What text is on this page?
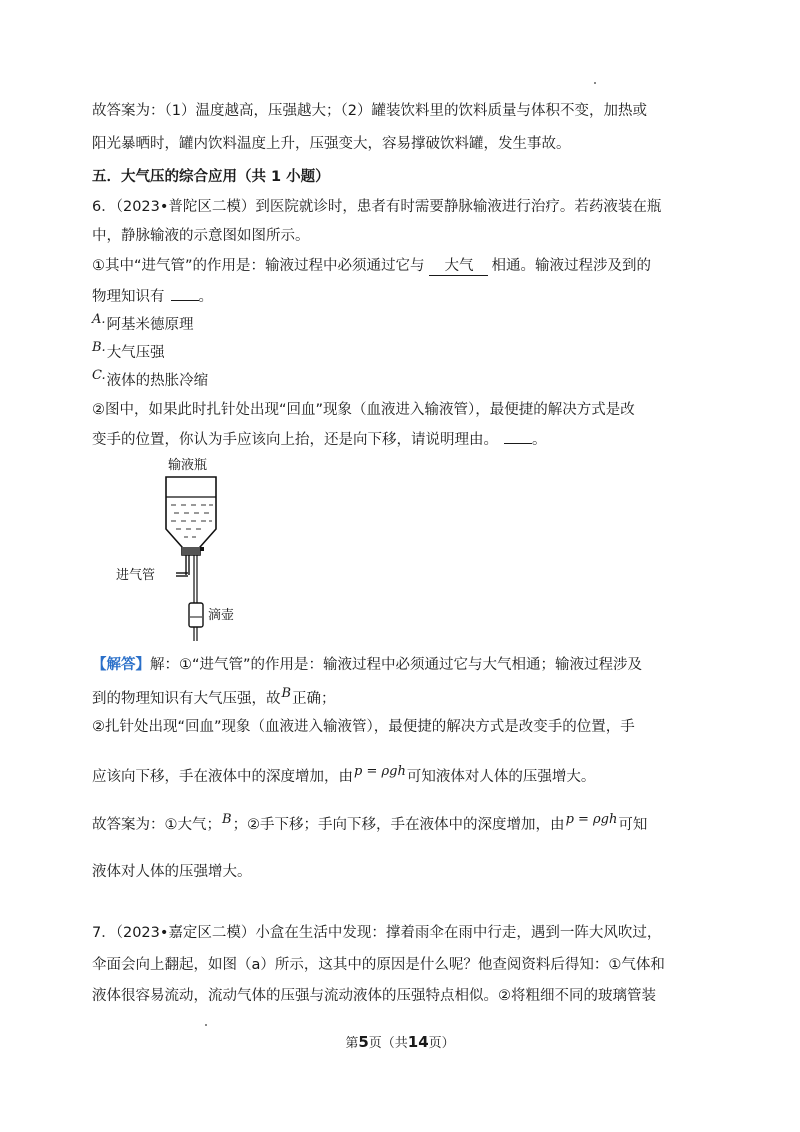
故答案为：（1）温度越高，压强越大；（2）罐装饮料里的饮料质量与体积不变，加热或
阳光暴晒时，罐内饮料温度上升，压强变大，容易撑破饮料罐，发生事故。
五．大气压的综合应用（共 1 小题）
6．（2023•普陀区二模）到医院就诊时，患者有时需要静脉输液进行治疗。若药液装在瓶
中，静脉输液的示意图如图所示。
①其中“进气管”的作用是：输液过程中必须通过它与 大气 相通。输液过程涉及到的
物理知识有 。
A.阿基米德原理
B.大气压强
C.液体的热胀冷缩
②图中，如果此时扎针处出现“回血”现象（血液进入输液管），最便捷的解决方式是改
变手的位置，你认为手应该向上抬，还是向下移，请说明理由。 。
输液瓶
进气管
滴壶
【解答】解：①“进气管”的作用是：输液过程中必须通过它与大气相通；输液过程涉及
到的物理知识有大气压强，故B正确；
②扎针处出现“回血”现象（血液进入输液管），最便捷的解决方式是改变手的位置，手
应该向下移，手在液体中的深度增加，由p = ρgh可知液体对人体的压强增大。
故答案为：①大气；B；②手下移；手向下移，手在液体中的深度增加，由p = ρgh可知
液体对人体的压强增大。
7．（2023•嘉定区二模）小盒在生活中发现：撑着雨伞在雨中行走，遇到一阵大风吹过，
伞面会向上翻起，如图（a）所示，这其中的原因是什么呢？他查阅资料后得知：①气体和
液体很容易流动，流动气体的压强与流动液体的压强特点相似。②将粗细不同的玻璃管装
第5页（共14页）
